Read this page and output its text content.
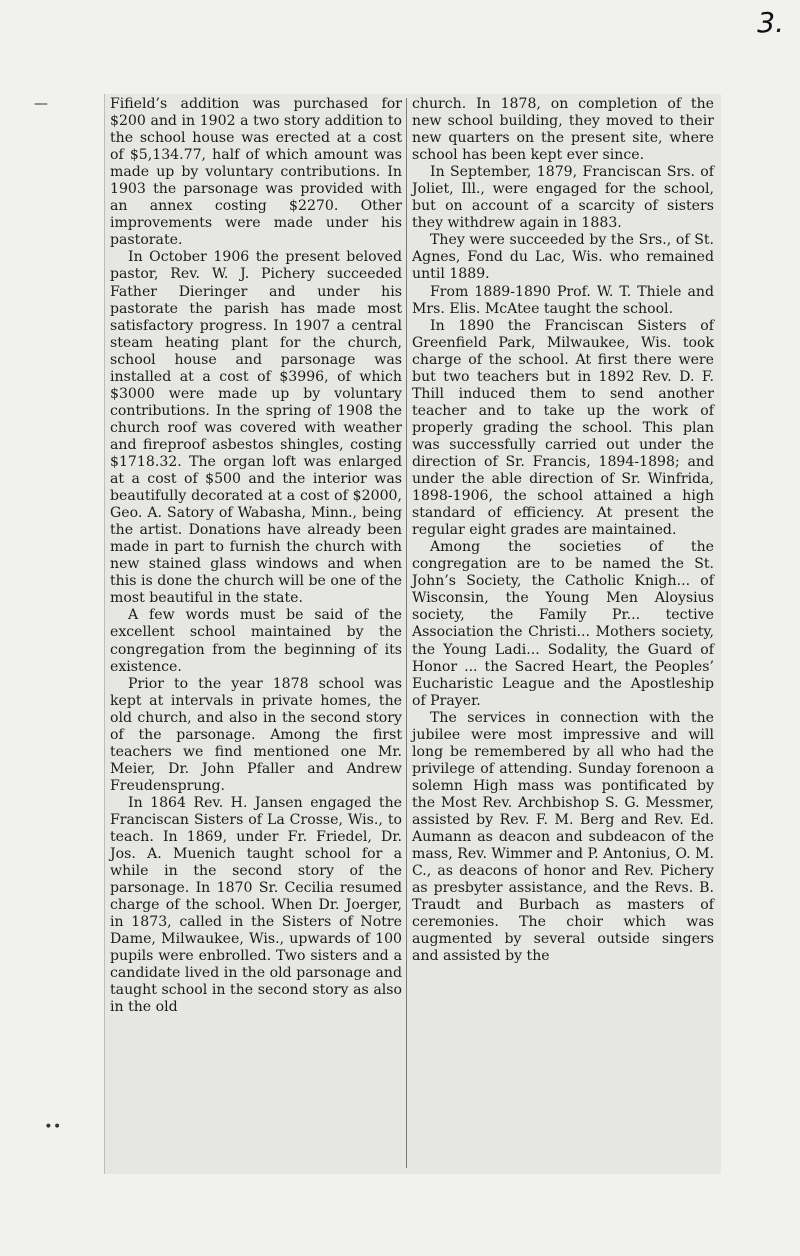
3.
—
∙∙

Fifield’s addition was purchased for $200 and in 1902 a two story addition to the school house was erected at a cost of $5,134.77, half of which amount was made up by voluntary contributions. In 1903 the parsonage was provided with an annex costing $2270. Other improvements were made under his pastorate.

In October 1906 the present beloved pastor, Rev. W. J. Pichery succeeded Father Dieringer and under his pastorate the parish has made most satisfactory progress. In 1907 a central steam heating plant for the church, school house and parsonage was installed at a cost of $3996, of which $3000 were made up by voluntary contributions. In the spring of 1908 the church roof was covered with weather and fireproof asbestos shingles, costing $1718.32. The organ loft was enlarged at a cost of $500 and the interior was beautifully decorated at a cost of $2000, Geo. A. Satory of Wabasha, Minn., being the artist. Donations have already been made in part to furnish the church with new stained glass windows and when this is done the church will be one of the most beautiful in the state.

A few words must be said of the excellent school maintained by the congregation from the beginning of its existence.

Prior to the year 1878 school was kept at intervals in private homes, the old church, and also in the second story of the parsonage. Among the first teachers we find mentioned one Mr. Meier, Dr. John Pfaller and Andrew Freudensprung.

In 1864 Rev. H. Jansen engaged the Franciscan Sisters of La Crosse, Wis., to teach. In 1869, under Fr. Friedel, Dr. Jos. A. Muenich taught school for a while in the second story of the parsonage. In 1870 Sr. Cecilia resumed charge of the school. When Dr. Joerger, in 1873, called in the Sisters of Notre Dame, Milwaukee, Wis., upwards of 100 pupils were enbrolled. Two sisters and a candidate lived in the old parsonage and taught school in the second story as also in the old

church. In 1878, on completion of the new school building, they moved to their new quarters on the present site, where school has been kept ever since.

In September, 1879, Franciscan Srs. of Joliet, Ill., were engaged for the school, but on account of a scarcity of sisters they withdrew again in 1883.

They were succeeded by the Srs., of St. Agnes, Fond du Lac, Wis. who remained until 1889.

From 1889-1890 Prof. W. T. Thiele and Mrs. Elis. McAtee taught the school.

In 1890 the Franciscan Sisters of Greenfield Park, Milwaukee, Wis. took charge of the school. At first there were but two teachers but in 1892 Rev. D. F. Thill induced them to send another teacher and to take up the work of properly grading the school. This plan was successfully carried out under the direction of Sr. Francis, 1894-1898; and under the able direction of Sr. Winfrida, 1898-1906, the school attained a high standard of efficiency. At present the regular eight grades are maintained.

Among the societies of the congregation are to be named the St. John’s Society, the Catholic Knigh... of Wisconsin, the Young Men Aloysius society, the Family Pr... tective Association the Christi... Mothers society, the Young Ladi... Sodality, the Guard of Honor ... the Sacred Heart, the Peoples’ Eucharistic League and the Apostleship of Prayer.

The services in connection with the jubilee were most impressive and will long be remembered by all who had the privilege of attending. Sunday forenoon a solemn High mass was pontificated by the Most Rev. Archbishop S. G. Messmer, assisted by Rev. F. M. Berg and Rev. Ed. Aumann as deacon and subdeacon of the mass, Rev. Wimmer and P. Antonius, O. M. C., as deacons of honor and Rev. Pichery as presbyter assistance, and the Revs. B. Traudt and Burbach as masters of ceremonies. The choir which was augmented by several outside singers and assisted by the
